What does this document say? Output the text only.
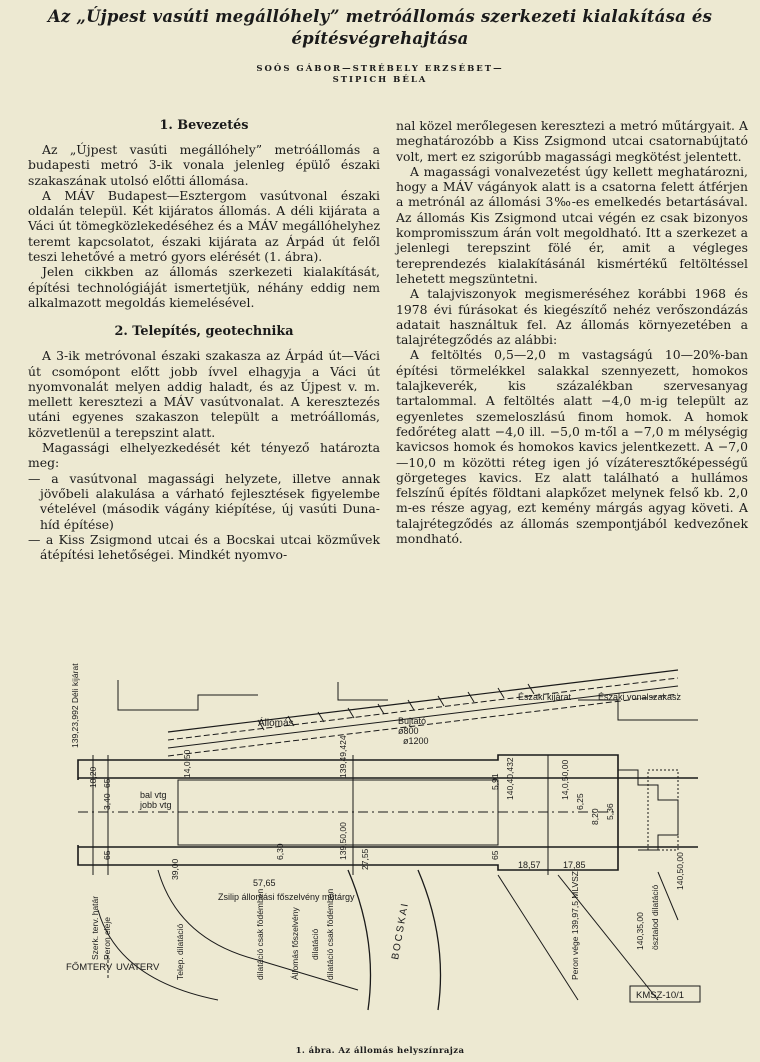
Az „Újpest vasúti megállóhely” metróállomás szerkezeti kialakítása és
építésvégrehajtása
SOÓS GÁBOR—STRÉBELY ERZSÉBET—
STIPICH BÉLA
1. Bevezetés

Az „Újpest vasúti megállóhely” metróállomás a budapesti metró 3-ik vonala jelenleg épülő északi szakaszának utolsó előtti állomása.

A MÁV Budapest—Esztergom vasútvonal északi oldalán települ. Két kijáratos állomás. A déli kijárata a Váci út tömegközlekedéséhez és a MÁV megállóhelyhez teremt kapcsolatot, északi kijárata az Árpád út felől teszi lehetővé a metró gyors elérését (1. ábra).

Jelen cikkben az állomás szerkezeti kialakítását, építési technológiáját ismertetjük, néhány eddig nem alkalmazott megoldás kiemelésével.

2. Telepítés, geotechnika

A 3-ik metróvonal északi szakasza az Árpád út—Váci út csomópont előtt jobb ívvel elhagyja a Váci út nyomvonalát melyen addig haladt, és az Újpest v. m. mellett keresztezi a MÁV vasútvonalat. A keresztezés utáni egyenes szakaszon települt a metróállomás, közvetlenül a terepszint alatt.

Magassági elhelyezkedését két tényező határozta meg:

— a vasútvonal magassági helyzete, illetve annak jövőbeli alakulása a várható fejlesztések figyelembe vételével (második vágány kiépítése, új vasúti Duna-híd építése)

— a Kiss Zsigmond utcai és a Bocskai utcai közművek átépítési lehetőségei. Mindkét nyomvo-

nal közel merőlegesen keresztezi a metró műtárgyait. A meghatározóbb a Kiss Zsigmond utcai csatornabújtató volt, mert ez szigorúbb magassági megkötést jelentett.

A magassági vonalvezetést úgy kellett meghatározni, hogy a MÁV vágányok alatt is a csatorna felett átférjen a metrónál az állomási 3‰-es emelkedés betartásával. Az állomás Kis Zsigmond utcai végén ez csak bizonyos kompromisszum árán volt megoldható. Itt a szerkezet a jelenlegi terepszint fölé ér, amit a végleges tereprendezés kialakításánál kismértékű feltöltéssel lehetett megszüntetni.

A talajviszonyok megismeréséhez korábbi 1968 és 1978 évi fúrásokat és kiegészítő nehéz verőszondázás adatait használtuk fel. Az állomás környezetében a talajrétegződés az alábbi:

A feltöltés 0,5—2,0 m vastagságú 10—20%-ban építési törmelékkel salakkal szennyezett, homokos talajkeverék, kis százalékban szervesanyag tartalommal. A feltöltés alatt −4,0 m-ig települt az egyenletes szemeloszlású finom homok. A homok fedőréteg alatt −4,0 ill. −5,0 m-től a −7,0 m mélységig kavicsos homok és homokos kavics jelentkezett. A −7,0—10,0 m közötti réteg igen jó vízáteresztőképességű görgeteges kavics. Ez alatt található a hullámos felszínű építés földtani alapkőzet melynek felső kb. 2,0 m-es része agyag, ezt kemény márgás agyag követi. A talajrétegződés az állomás szempontjából kedvezőnek mondható.

Állomás
Északi kijárat	Északi vonalszakasz
Bujtató
ø800
ø1200
bal vtg
jobb vtg
57,65
18,57 17,85
Zsilip állomási főszelvény műtárgy
139,23,992 Déli kijárat
18,20 65
3,40
65
14,0,50	139,49,424
139,50,00
39,00
6,30	27,55
5,91
65
140,40,432	14,0,50,00
6,25
8,20 5,36
140,50,00
140,35,00 ösztalod dilatáció
Szerk. terv. határ Peron eleje	Peron vége 139,97,5 MLVSZ
Telep. dilatáció	dilatáció csak födémben	Állomás főszelvény dilatáció dilatáció csak födémben	BOCSKAI
FŐMTERV UVATERV
KMSZ-10/1
1. ábra. Az állomás helyszínrajza
